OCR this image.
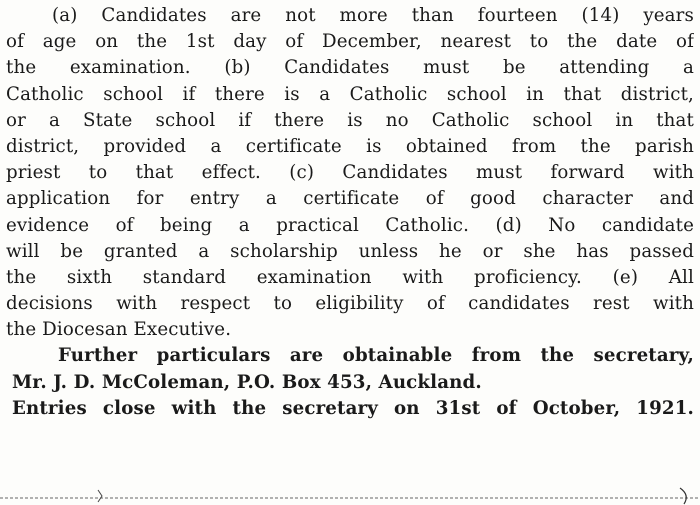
(a) Candidates are not more than fourteen (14) years
of age on the 1st day of December, nearest to the date of
the examination. (b) Candidates must be attending a
Catholic school if there is a Catholic school in that district,
or a State school if there is no Catholic school in that
district, provided a certificate is obtained from the parish
priest to that effect. (c) Candidates must forward with
application for entry a certificate of good character and
evidence of being a practical Catholic. (d) No candidate
will be granted a scholarship unless he or she has passed
the sixth standard examination with proficiency. (e) All
decisions with respect to eligibility of candidates rest with
the Diocesan Executive.
Further particulars are obtainable from the secretary,
Mr. J. D. McColeman, P.O. Box 453, Auckland.
Entries close with the secretary on 31st of October, 1921.
